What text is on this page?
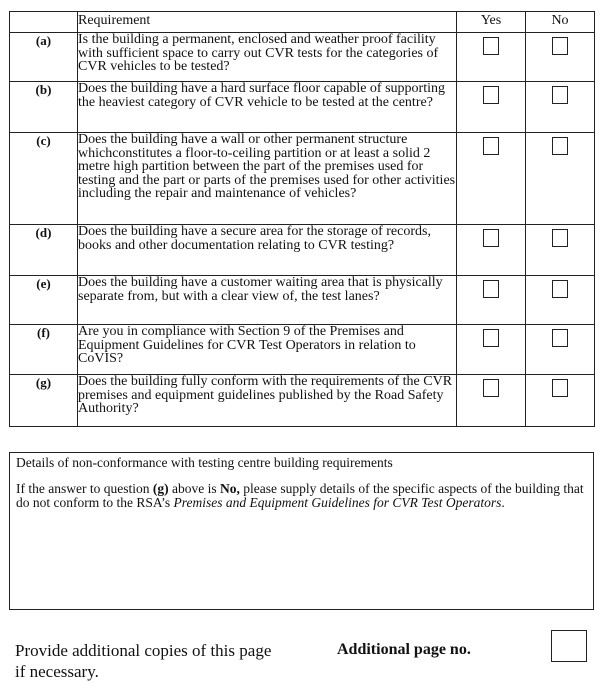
	Requirement	Yes	No
(a)	Is the building a permanent, enclosed and weather proof facility with sufficient space to carry out CVR tests for the categories of CVR vehicles to be tested?		
(b)	Does the building have a hard surface floor capable of supporting the heaviest category of CVR vehicle to be tested at the centre?		
(c)	Does the building have a wall or other permanent structure whichconstitutes a floor-to-ceiling partition or at least a solid 2 metre high partition between the part of the premises used for testing and the part or parts of the premises used for other activities including the repair and maintenance of vehicles?		
(d)	Does the building have a secure area for the storage of records, books and other documentation relating to CVR testing?		
(e)	Does the building have a customer waiting area that is physically separate from, but with a clear view of, the test lanes?		
(f)	Are you in compliance with Section 9 of the Premises and Equipment Guidelines for CVR Test Operators in relation to CoVIS?		
(g)	Does the building fully conform with the requirements of the CVR premises and equipment guidelines published by the Road Safety Authority?		
Details of non-conformance with testing centre building requirements
If the answer to question (g) above is No, please supply details of the specific aspects of the building that do not conform to the RSA’s Premises and Equipment Guidelines for CVR Test Operators.
Provide additional copies of this page if necessary.
Additional page no.
